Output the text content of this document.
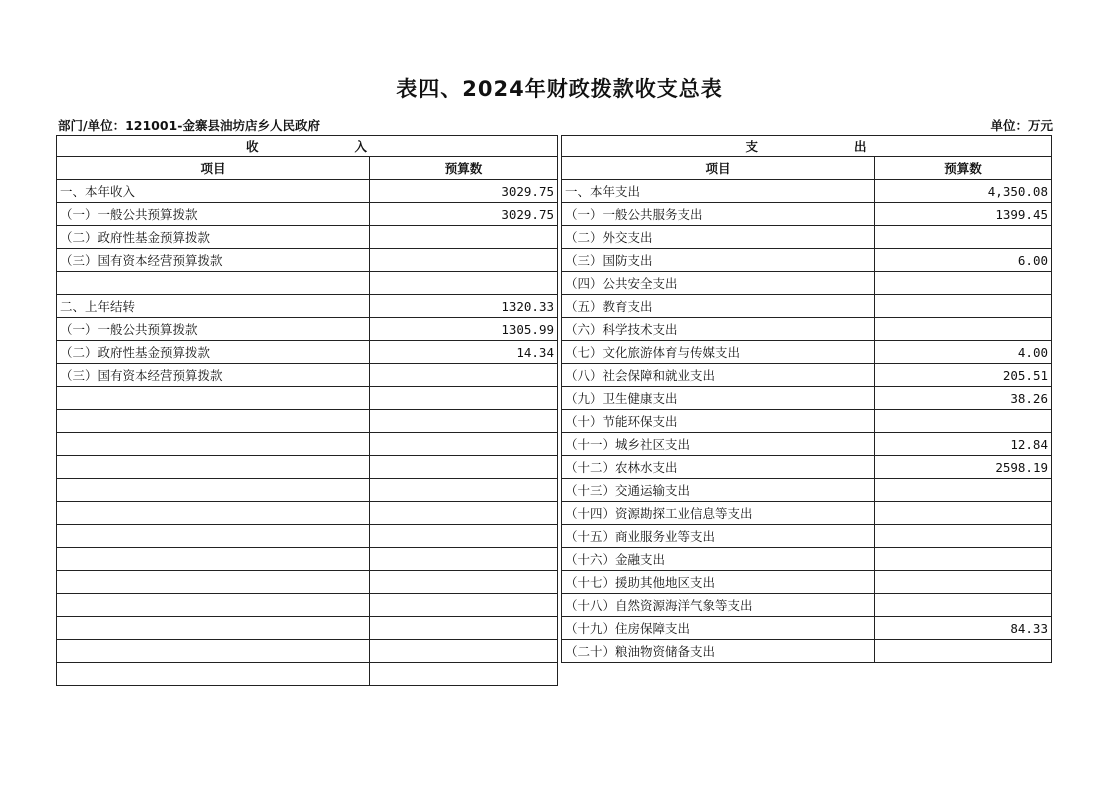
表四、2024年财政拨款收支总表
部门/单位：121001-金寨县油坊店乡人民政府	单位：万元
收 入	
项目	预算数
一、本年收入	3029.75
（一）一般公共预算拨款	3029.75
（二）政府性基金预算拨款	
（三）国有资本经营预算拨款	

二、上年结转	1320.33
（一）一般公共预算拨款	1305.99
（二）政府性基金预算拨款	14.34
（三）国有资本经营预算拨款	

支 出	
项目	预算数
一、本年支出	4,350.08
（一）一般公共服务支出	1399.45
（二）外交支出	
（三）国防支出	6.00
（四）公共安全支出	
（五）教育支出	
（六）科学技术支出	
（七）文化旅游体育与传媒支出	4.00
（八）社会保障和就业支出	205.51
（九）卫生健康支出	38.26
（十）节能环保支出	
（十一）城乡社区支出	12.84
（十二）农林水支出	2598.19
（十三）交通运输支出	
（十四）资源勘探工业信息等支出	
（十五）商业服务业等支出	
（十六）金融支出	
（十七）援助其他地区支出	
（十八）自然资源海洋气象等支出	
（十九）住房保障支出	84.33
（二十）粮油物资储备支出	
